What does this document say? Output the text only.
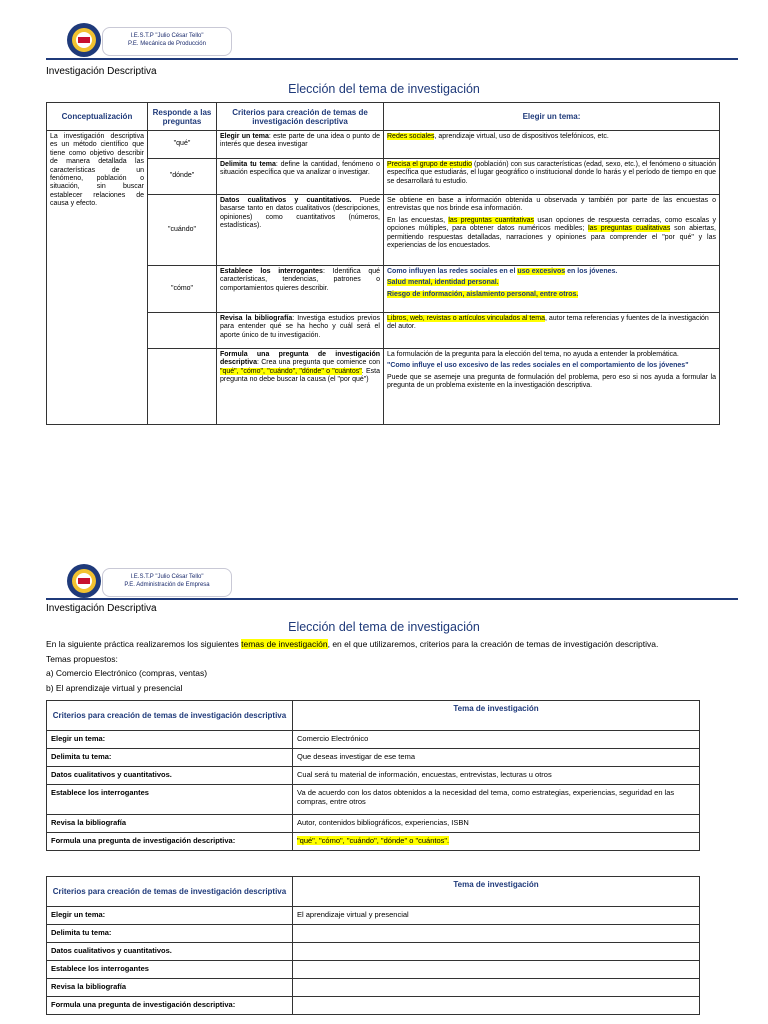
I.E.S.T.P "Julio César Tello"
P.E. Mecánica de Producción
Investigación Descriptiva
Elección del tema de investigación
Conceptualización	Responde a las preguntas	Criterios para creación de temas de investigación descriptiva	Elegir un tema:
La investigación descriptiva es un método científico que tiene como objetivo describir de manera detallada las características de un fenómeno, población o situación, sin buscar establecer relaciones de causa y efecto.	"qué"	Elegir un tema: este parte de una idea o punto de interés que desea investigar	Redes sociales, aprendizaje virtual, uso de dispositivos telefónicos, etc.
	"dónde"	Delimita tu tema: define la cantidad, fenómeno o situación específica que va analizar o investigar.	Precisa el grupo de estudio (población) con sus características (edad, sexo, etc.), el fenómeno o situación específica que estudiarás, el lugar geográfico o institucional donde lo harás y el período de tiempo en que se desarrollará tu estudio.
	"cuándo"	Datos cualitativos y cuantitativos. Puede basarse tanto en datos cualitativos (descripciones, opiniones) como cuantitativos (números, estadísticas).	Se obtiene en base a información obtenida u observada y también por parte de las encuestas o entrevistas que nos brinde esa información.

En las encuestas, las preguntas cuantitativas usan opciones de respuesta cerradas, como escalas y opciones múltiples, para obtener datos numéricos medibles; las preguntas cualitativas son abiertas, permitiendo respuestas detalladas, narraciones y opiniones para comprender el "por qué" y las experiencias de los encuestados.

	"cómo"	Establece los interrogantes: Identifica qué características, tendencias, patrones o comportamientos quieres describir.	Como influyen las redes sociales en el uso excesivos en los jóvenes.

Salud mental, identidad personal.

Riesgo de información, aislamiento personal, entre otros.

		Revisa la bibliografía: Investiga estudios previos para entender qué se ha hecho y cuál será el aporte único de tu investigación.	Libros, web, revistas o artículos vinculados al tema, autor tema referencias y fuentes de la investigación del autor.
		Formula una pregunta de investigación descriptiva: Crea una pregunta que comience con "qué", "cómo", "cuándo", "dónde" o "cuántos". Esta pregunta no debe buscar la causa (el "por qué")	La formulación de la pregunta para la elección del tema, no ayuda a entender la problemática.

"Como influye el uso excesivo de las redes sociales en el comportamiento de los jóvenes"

Puede que se asemeje una pregunta de formulación del problema, pero eso si nos ayuda a formular la pregunta de un problema existente en la investigación descriptiva.

I.E.S.T.P "Julio César Tello"
P.E. Administración de Empresa
Investigación Descriptiva
Elección del tema de investigación
En la siguiente práctica realizaremos los siguientes temas de investigación, en el que utilizaremos, criterios para la creación de temas de investigación descriptiva.
Temas propuestos:
a) Comercio Electrónico (compras, ventas)
b) El aprendizaje virtual y presencial
Criterios para creación de temas de investigación descriptiva	Tema de investigación
Elegir un tema:	Comercio Electrónico
Delimita tu tema:	Que deseas investigar de ese tema
Datos cualitativos y cuantitativos.	Cual será tu material de información, encuestas, entrevistas, lecturas u otros
Establece los interrogantes	Va de acuerdo con los datos obtenidos a la necesidad del tema, como estrategias, experiencias, seguridad en las compras, entre otros
Revisa la bibliografía	Autor, contenidos bibliográficos, experiencias, ISBN
Formula una pregunta de investigación descriptiva:	"qué", "cómo", "cuándo", "dónde" o "cuántos".
Criterios para creación de temas de investigación descriptiva	Tema de investigación
Elegir un tema:	El aprendizaje virtual y presencial
Delimita tu tema:	
Datos cualitativos y cuantitativos.	
Establece los interrogantes	
Revisa la bibliografía	
Formula una pregunta de investigación descriptiva:	
